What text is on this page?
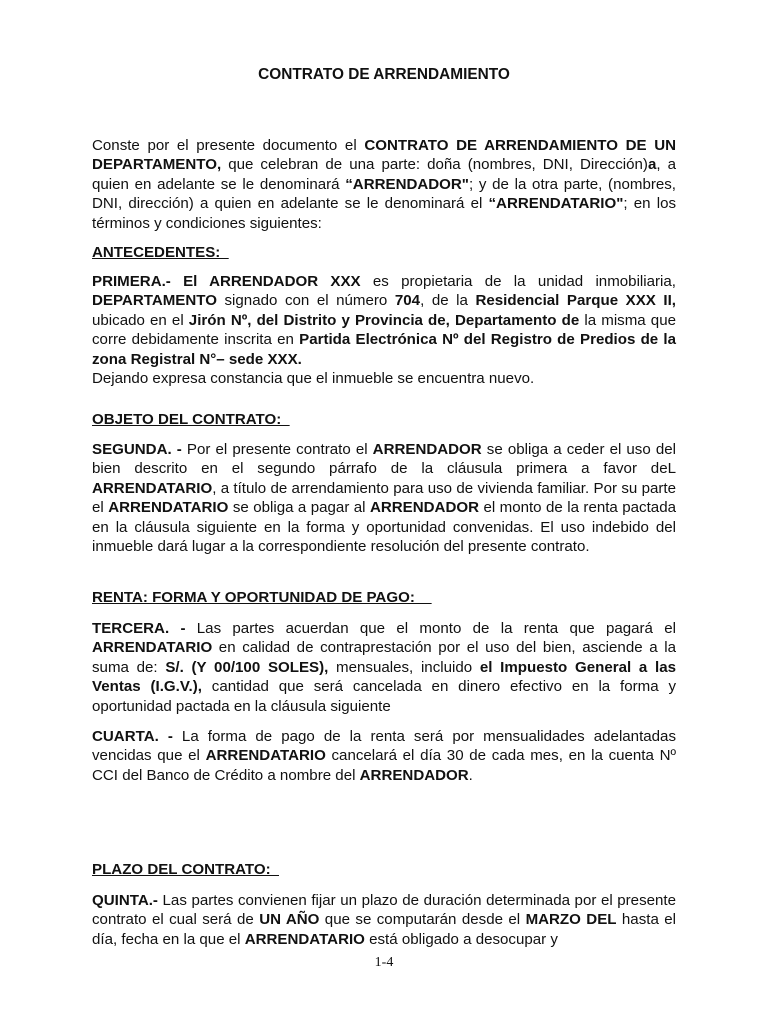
CONTRATO DE ARRENDAMIENTO
Conste por el presente documento el CONTRATO DE ARRENDAMIENTO DE UN DEPARTAMENTO, que celebran de una parte: doña (nombres, DNI, Dirección)a, a quien en adelante se le denominará “ARRENDADOR"; y de la otra parte, (nombres, DNI, dirección) a quien en adelante se le denominará el “ARRENDATARIO"; en los términos y condiciones siguientes:
ANTECEDENTES:
PRIMERA.- El ARRENDADOR XXX es propietaria de la unidad inmobiliaria, DEPARTAMENTO signado con el número 704, de la Residencial Parque XXX II, ubicado en el Jirón Nº, del Distrito y Provincia de, Departamento de la misma que corre debidamente inscrita en Partida Electrónica Nº del Registro de Predios de la zona Registral N°– sede XXX.
Dejando expresa constancia que el inmueble se encuentra nuevo.
OBJETO DEL CONTRATO:
SEGUNDA. - Por el presente contrato el ARRENDADOR se obliga a ceder el uso del bien descrito en el segundo párrafo de la cláusula primera a favor deL ARRENDATARIO, a título de arrendamiento para uso de vivienda familiar. Por su parte el ARRENDATARIO se obliga a pagar al ARRENDADOR el monto de la renta pactada en la cláusula siguiente en la forma y oportunidad convenidas. El uso indebido del inmueble dará lugar a la correspondiente resolución del presente contrato.
RENTA: FORMA Y OPORTUNIDAD DE PAGO:
TERCERA. - Las partes acuerdan que el monto de la renta que pagará el ARRENDATARIO en calidad de contraprestación por el uso del bien, asciende a la suma de: S/. (Y 00/100 SOLES), mensuales, incluido el Impuesto General a las Ventas (I.G.V.), cantidad que será cancelada en dinero efectivo en la forma y oportunidad pactada en la cláusula siguiente
CUARTA. - La forma de pago de la renta será por mensualidades adelantadas vencidas que el ARRENDATARIO cancelará el día 30 de cada mes, en la cuenta Nº CCI del Banco de Crédito a nombre del ARRENDADOR.
PLAZO DEL CONTRATO:
QUINTA.- Las partes convienen fijar un plazo de duración determinada por el presente contrato el cual será de UN AÑO que se computarán desde el MARZO DEL hasta el día, fecha en la que el ARRENDATARIO está obligado a desocupar y
1-4
